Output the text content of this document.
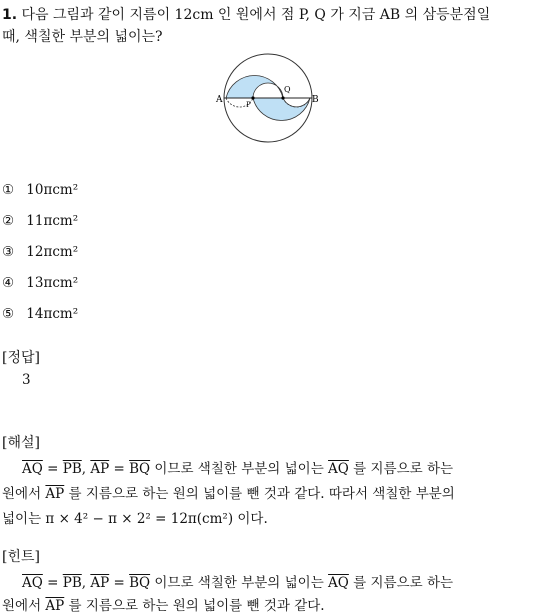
1. 다음 그림과 같이 지름이 12cm 인 원에서 점 P, Q 가 지금 AB 의 삼등분점일
때, 색칠한 부분의 넓이는?
A	B
P
Q
① 10πcm²
② 11πcm²
③ 12πcm²
④ 13πcm²
⑤ 14πcm²
[정답]
3
[해설]
$\overline{AQ} = \overline{PB}$, $\overline{AP} = \overline{BQ}$ 이므로 색칠한 부분의 넓이는 $\overline{AQ}$ 를 지름으로 하는
원에서 $\overline{AP}$ 를 지름으로 하는 원의 넓이를 뺀 것과 같다. 따라서 색칠한 부분의
넓이는 π × 4² − π × 2² = 12π(cm²) 이다.
[힌트]
$\overline{AQ} = \overline{PB}$, $\overline{AP} = \overline{BQ}$ 이므로 색칠한 부분의 넓이는 $\overline{AQ}$ 를 지름으로 하는
원에서 $\overline{AP}$ 를 지름으로 하는 원의 넓이를 뺀 것과 같다.
